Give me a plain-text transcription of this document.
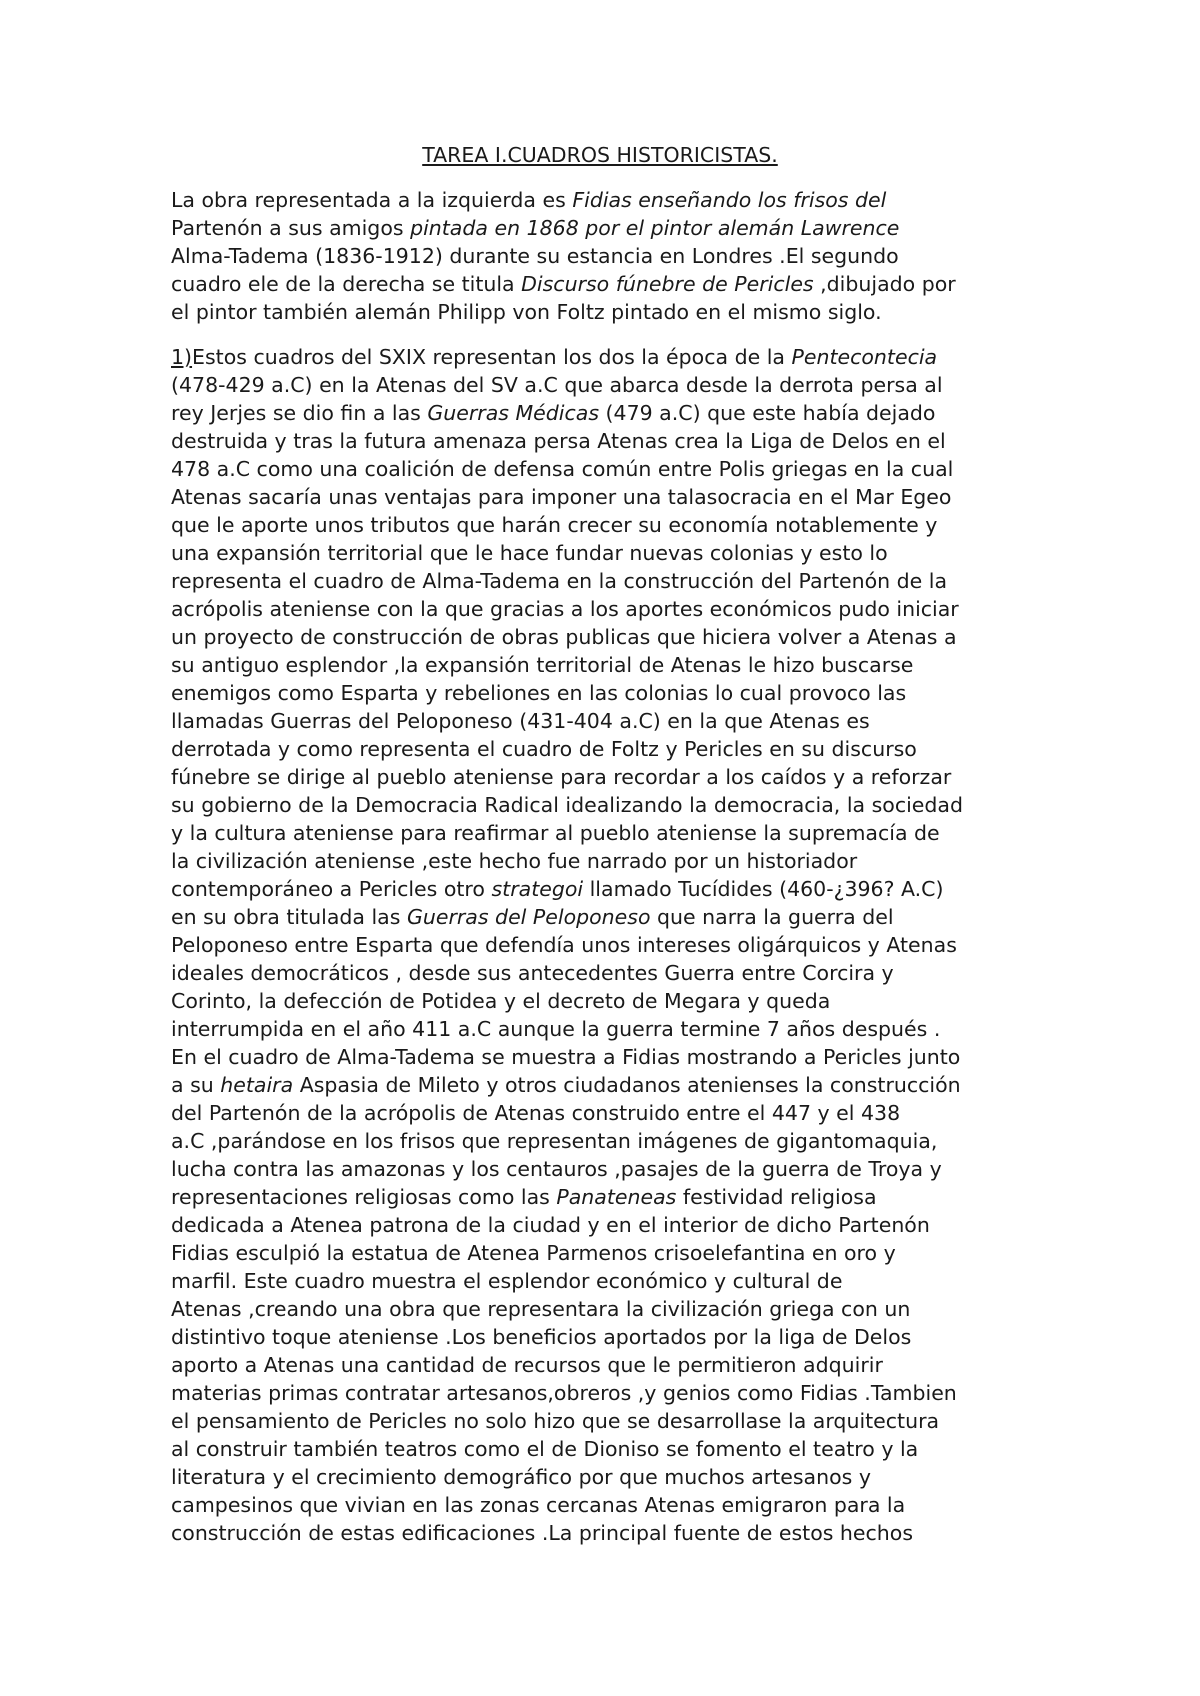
TAREA I.CUADROS HISTORICISTAS.
La obra representada a la izquierda es Fidias enseñando los frisos del
Partenón a sus amigos pintada en 1868 por el pintor alemán Lawrence
Alma-Tadema (1836-1912) durante su estancia en Londres .El segundo
cuadro ele de la derecha se titula Discurso fúnebre de Pericles ,dibujado por
el pintor también alemán Philipp von Foltz pintado en el mismo siglo.
1)Estos cuadros del SXIX representan los dos la época de la Pentecontecia
(478-429 a.C) en la Atenas del SV a.C que abarca desde la derrota persa al
rey Jerjes se dio fin a las Guerras Médicas (479 a.C) que este había dejado
destruida y tras la futura amenaza persa Atenas crea la Liga de Delos en el
478 a.C como una coalición de defensa común entre Polis griegas en la cual
Atenas sacaría unas ventajas para imponer una talasocracia en el Mar Egeo
que le aporte unos tributos que harán crecer su economía notablemente y
una expansión territorial que le hace fundar nuevas colonias y esto lo
representa el cuadro de Alma-Tadema en la construcción del Partenón de la
acrópolis ateniense con la que gracias a los aportes económicos pudo iniciar
un proyecto de construcción de obras publicas que hiciera volver a Atenas a
su antiguo esplendor ,la expansión territorial de Atenas le hizo buscarse
enemigos como Esparta y rebeliones en las colonias lo cual provoco las
llamadas Guerras del Peloponeso (431-404 a.C) en la que Atenas es
derrotada y como representa el cuadro de Foltz y Pericles en su discurso
fúnebre se dirige al pueblo ateniense para recordar a los caídos y a reforzar
su gobierno de la Democracia Radical idealizando la democracia, la sociedad
y la cultura ateniense para reafirmar al pueblo ateniense la supremacía de
la civilización ateniense ,este hecho fue narrado por un historiador
contemporáneo a Pericles otro strategoi llamado Tucídides (460-¿396? A.C)
en su obra titulada las Guerras del Peloponeso que narra la guerra del
Peloponeso entre Esparta que defendía unos intereses oligárquicos y Atenas
ideales democráticos , desde sus antecedentes Guerra entre Corcira y
Corinto, la defección de Potidea y el decreto de Megara y queda
interrumpida en el año 411 a.C aunque la guerra termine 7 años después .
En el cuadro de Alma-Tadema se muestra a Fidias mostrando a Pericles junto
a su hetaira Aspasia de Mileto y otros ciudadanos atenienses la construcción
del Partenón de la acrópolis de Atenas construido entre el 447 y el 438
a.C ,parándose en los frisos que representan imágenes de gigantomaquia,
lucha contra las amazonas y los centauros ,pasajes de la guerra de Troya y
representaciones religiosas como las Panateneas festividad religiosa
dedicada a Atenea patrona de la ciudad y en el interior de dicho Partenón
Fidias esculpió la estatua de Atenea Parmenos crisoelefantina en oro y
marfil. Este cuadro muestra el esplendor económico y cultural de
Atenas ,creando una obra que representara la civilización griega con un
distintivo toque ateniense .Los beneficios aportados por la liga de Delos
aporto a Atenas una cantidad de recursos que le permitieron adquirir
materias primas contratar artesanos,obreros ,y genios como Fidias .Tambien
el pensamiento de Pericles no solo hizo que se desarrollase la arquitectura
al construir también teatros como el de Dioniso se fomento el teatro y la
literatura y el crecimiento demográfico por que muchos artesanos y
campesinos que vivian en las zonas cercanas Atenas emigraron para la
construcción de estas edificaciones .La principal fuente de estos hechos
